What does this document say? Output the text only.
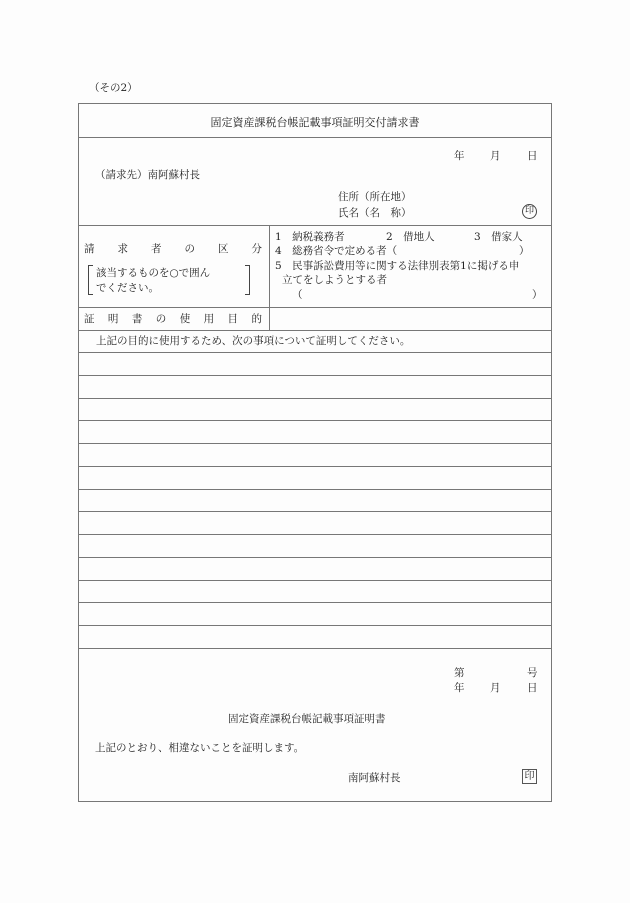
（その2）
固定資産課税台帳記載事項証明交付請求書
年 月	日
（請求先）南阿蘇村長
住所（所在地）
氏名（名　称）	印
請 求 者 の 区 分
該当するものを○で囲ん
でください。
1　納税義務者	2　借地人	3　借家人
4　総務省令で定める者（	）
5　民事訴訟費用等に関する法律別表第1に掲げる申
立てをしようとする者
（	）
証 明 書 の 使 用 目 的
上記の目的に使用するため、次の事項について証明してください。
第	号
年 月	日
固定資産課税台帳記載事項証明書
上記のとおり、相違ないことを証明します。
南阿蘇村長	印
